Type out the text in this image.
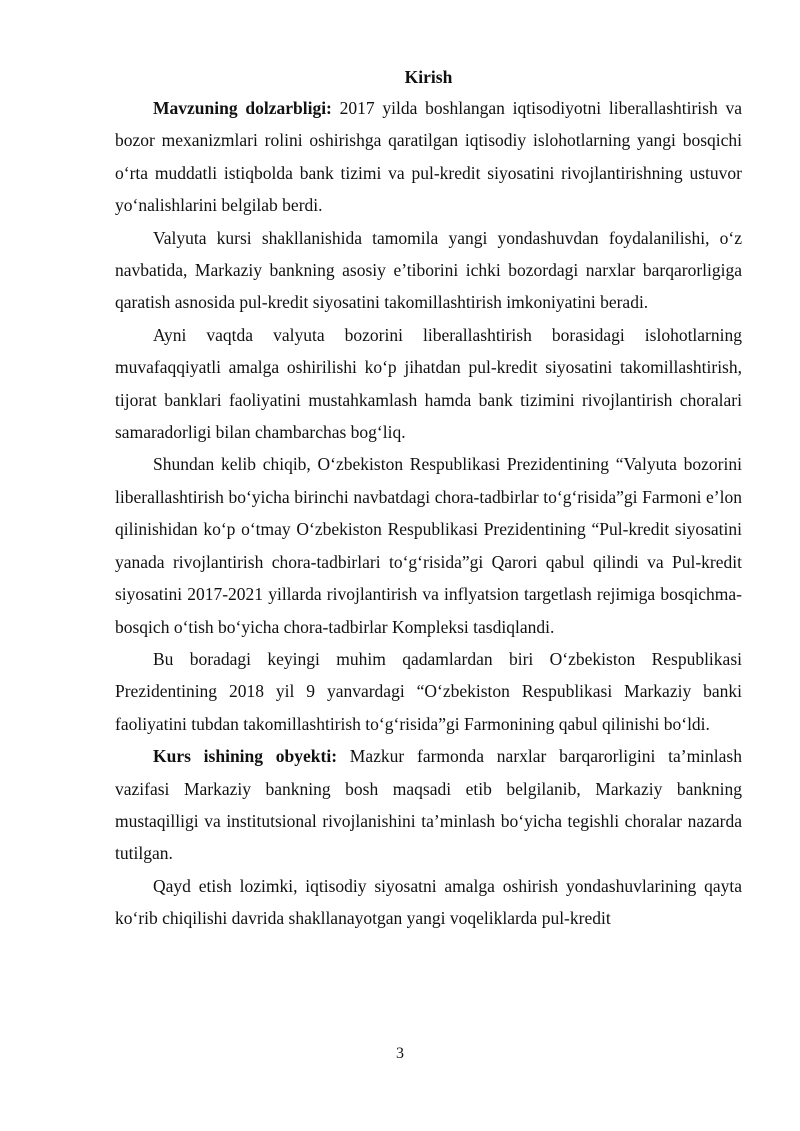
Kirish

Mavzuning dolzarbligi: 2017 yilda boshlangan iqtisodiyotni liberallashtirish va bozor mexanizmlari rolini oshirishga qaratilgan iqtisodiy islohotlarning yangi bosqichi oʻrta muddatli istiqbolda bank tizimi va pul-kredit siyosatini rivojlantirishning ustuvor yoʻnalishlarini belgilab berdi.

Valyuta kursi shakllanishida tamomila yangi yondashuvdan foydalanilishi, oʻz navbatida, Markaziy bankning asosiy e’tiborini ichki bozordagi narxlar barqarorligiga qaratish asnosida pul-kredit siyosatini takomillashtirish imkoniyatini beradi.

Ayni vaqtda valyuta bozorini liberallashtirish borasidagi islohotlarning muvafaqqiyatli amalga oshirilishi koʻp jihatdan pul-kredit siyosatini takomillashtirish, tijorat banklari faoliyatini mustahkamlash hamda bank tizimini rivojlantirish choralari samaradorligi bilan chambarchas bogʻliq.

Shundan kelib chiqib, Oʻzbekiston Respublikasi Prezidentining “Valyuta bozorini liberallashtirish boʻyicha birinchi navbatdagi chora-tadbirlar toʻgʻrisida”gi Farmoni e’lon qilinishidan koʻp oʻtmay Oʻzbekiston Respublikasi Prezidentining “Pul-kredit siyosatini yanada rivojlantirish chora-tadbirlari toʻgʻrisida”gi Qarori qabul qilindi va Pul-kredit siyosatini 2017-2021 yillarda rivojlantirish va inflyatsion targetlash rejimiga bosqichma-bosqich oʻtish boʻyicha chora-tadbirlar Kompleksi tasdiqlandi.

Bu boradagi keyingi muhim qadamlardan biri Oʻzbekiston Respublikasi Prezidentining 2018 yil 9 yanvardagi “Oʻzbekiston Respublikasi Markaziy banki faoliyatini tubdan takomillashtirish toʻgʻrisida”gi Farmonining qabul qilinishi boʻldi.

Kurs ishining obyekti: Mazkur farmonda narxlar barqarorligini ta’minlash vazifasi Markaziy bankning bosh maqsadi etib belgilanib, Markaziy bankning mustaqilligi va institutsional rivojlanishini ta’minlash boʻyicha tegishli choralar nazarda tutilgan.

Qayd etish lozimki, iqtisodiy siyosatni amalga oshirish yondashuvlarining qayta koʻrib chiqilishi davrida shakllanayotgan yangi voqeliklarda pul-kredit

3
